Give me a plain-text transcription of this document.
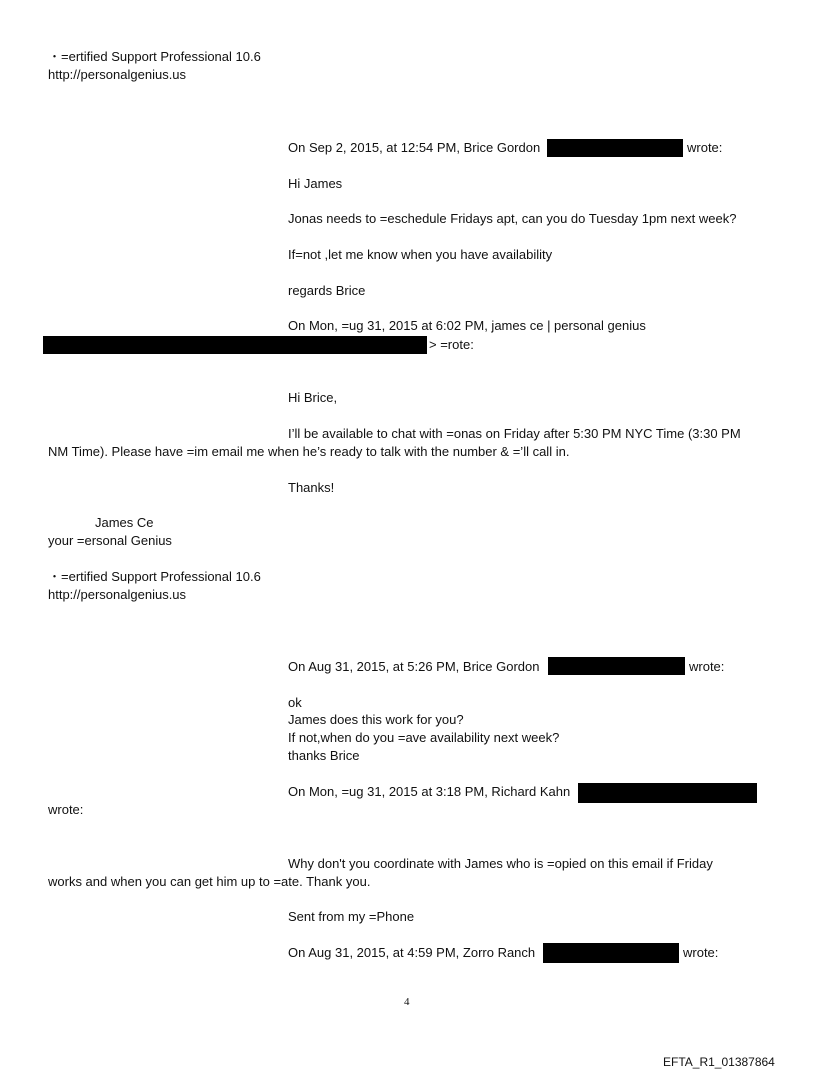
・=ertified Support Professional 10.6
http://personalgenius.us
On Sep 2, 2015, at 12:54 PM, Brice Gordon	wrote:
Hi James
Jonas needs to =eschedule Fridays apt, can you do Tuesday 1pm next week?
If=not ,let me know when you have availability
regards Brice
On Mon, =ug 31, 2015 at 6:02 PM, james ce | personal genius
> =rote:
Hi Brice,
I’ll be available to chat with =onas on Friday after 5:30 PM NYC Time (3:30 PM
NM Time). Please have =im email me when he’s ready to talk with the number & =’ll call in.
Thanks!
James Ce
your =ersonal Genius
・=ertified Support Professional 10.6
http://personalgenius.us
On Aug 31, 2015, at 5:26 PM, Brice Gordon	wrote:
ok
James does this work for you?
If not,when do you =ave availability next week?
thanks Brice
On Mon, =ug 31, 2015 at 3:18 PM, Richard Kahn
wrote:
Why don't you coordinate with James who is =opied on this email if Friday
works and when you can get him up to =ate. Thank you.
Sent from my =Phone
On Aug 31, 2015, at 4:59 PM, Zorro Ranch	wrote:
4
EFTA_R1_01387864
